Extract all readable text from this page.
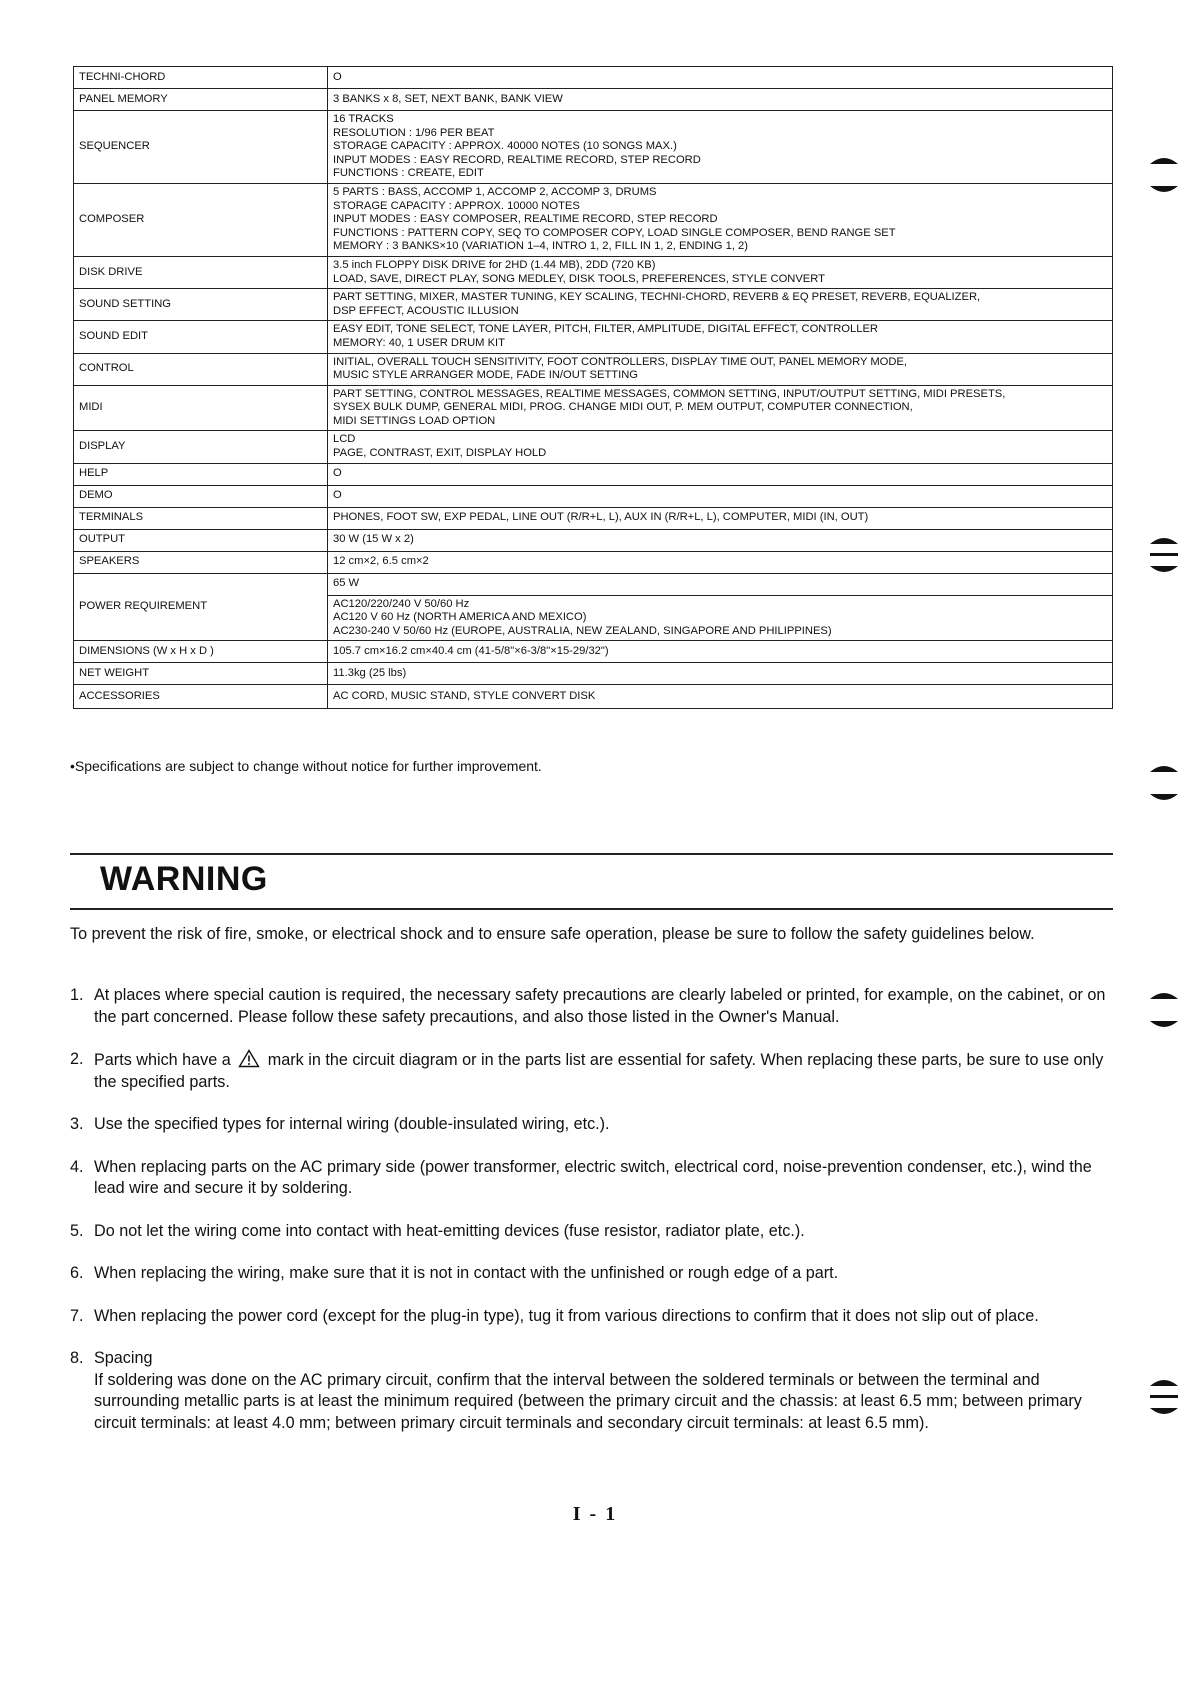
TECHNI-CHORD	O
PANEL MEMORY	3 BANKS x 8, SET, NEXT BANK, BANK VIEW
SEQUENCER	16 TRACKS
RESOLUTION : 1/96 PER BEAT
STORAGE CAPACITY : APPROX. 40000 NOTES (10 SONGS MAX.)
INPUT MODES : EASY RECORD, REALTIME RECORD, STEP RECORD
FUNCTIONS : CREATE, EDIT
COMPOSER	5 PARTS : BASS, ACCOMP 1, ACCOMP 2, ACCOMP 3, DRUMS
STORAGE CAPACITY : APPROX. 10000 NOTES
INPUT MODES : EASY COMPOSER, REALTIME RECORD, STEP RECORD
FUNCTIONS : PATTERN COPY, SEQ TO COMPOSER COPY, LOAD SINGLE COMPOSER, BEND RANGE SET
MEMORY : 3 BANKS×10 (VARIATION 1–4, INTRO 1, 2, FILL IN 1, 2, ENDING 1, 2)
DISK DRIVE	3.5 inch FLOPPY DISK DRIVE for 2HD (1.44 MB), 2DD (720 KB)
LOAD, SAVE, DIRECT PLAY, SONG MEDLEY, DISK TOOLS, PREFERENCES, STYLE CONVERT
SOUND SETTING	PART SETTING, MIXER, MASTER TUNING, KEY SCALING, TECHNI-CHORD, REVERB & EQ PRESET, REVERB, EQUALIZER,
DSP EFFECT, ACOUSTIC ILLUSION
SOUND EDIT	EASY EDIT, TONE SELECT, TONE LAYER, PITCH, FILTER, AMPLITUDE, DIGITAL EFFECT, CONTROLLER
MEMORY: 40, 1 USER DRUM KIT
CONTROL	INITIAL, OVERALL TOUCH SENSITIVITY, FOOT CONTROLLERS, DISPLAY TIME OUT, PANEL MEMORY MODE,
MUSIC STYLE ARRANGER MODE, FADE IN/OUT SETTING
MIDI	PART SETTING, CONTROL MESSAGES, REALTIME MESSAGES, COMMON SETTING, INPUT/OUTPUT SETTING, MIDI PRESETS,
SYSEX BULK DUMP, GENERAL MIDI, PROG. CHANGE MIDI OUT, P. MEM OUTPUT, COMPUTER CONNECTION,
MIDI SETTINGS LOAD OPTION
DISPLAY	LCD
PAGE, CONTRAST, EXIT, DISPLAY HOLD
HELP	O
DEMO	O
TERMINALS	PHONES, FOOT SW, EXP PEDAL, LINE OUT (R/R+L, L), AUX IN (R/R+L, L), COMPUTER, MIDI (IN, OUT)
OUTPUT	30 W (15 W x 2)
SPEAKERS	12 cm×2, 6.5 cm×2
POWER REQUIREMENT	65 W
	AC120/220/240 V 50/60 Hz
AC120 V 60 Hz (NORTH AMERICA AND MEXICO)
AC230-240 V 50/60 Hz (EUROPE, AUSTRALIA, NEW ZEALAND, SINGAPORE AND PHILIPPINES)
DIMENSIONS (W x H x D )	105.7 cm×16.2 cm×40.4 cm (41-5/8"×6-3/8"×15-29/32")
NET WEIGHT	11.3kg (25 lbs)
ACCESSORIES	AC CORD, MUSIC STAND, STYLE CONVERT DISK
•Specifications are subject to change without notice for further improvement.
WARNING
To prevent the risk of fire, smoke, or electrical shock and to ensure safe operation, please be sure to follow the safety guidelines below.
1. At places where special caution is required, the necessary safety precautions are clearly labeled or printed, for example, on the cabinet, or on the part concerned. Please follow these safety precautions, and also those listed in the Owner's Manual.
2. Parts which have a mark in the circuit diagram or in the parts list are essential for safety. When replacing these parts, be sure to use only the specified parts.
3. Use the specified types for internal wiring (double-insulated wiring, etc.).
4. When replacing parts on the AC primary side (power transformer, electric switch, electrical cord, noise-prevention condenser, etc.), wind the lead wire and secure it by soldering.
5. Do not let the wiring come into contact with heat-emitting devices (fuse resistor, radiator plate, etc.).
6. When replacing the wiring, make sure that it is not in contact with the unfinished or rough edge of a part.
7. When replacing the power cord (except for the plug-in type), tug it from various directions to confirm that it does not slip out of place.
8. Spacing
If soldering was done on the AC primary circuit, confirm that the interval between the soldered terminals or between the terminal and surrounding metallic parts is at least the minimum required (between the primary circuit and the chassis: at least 6.5 mm; between primary circuit terminals: at least 4.0 mm; between primary circuit terminals and secondary circuit terminals: at least 6.5 mm).
I - 1
